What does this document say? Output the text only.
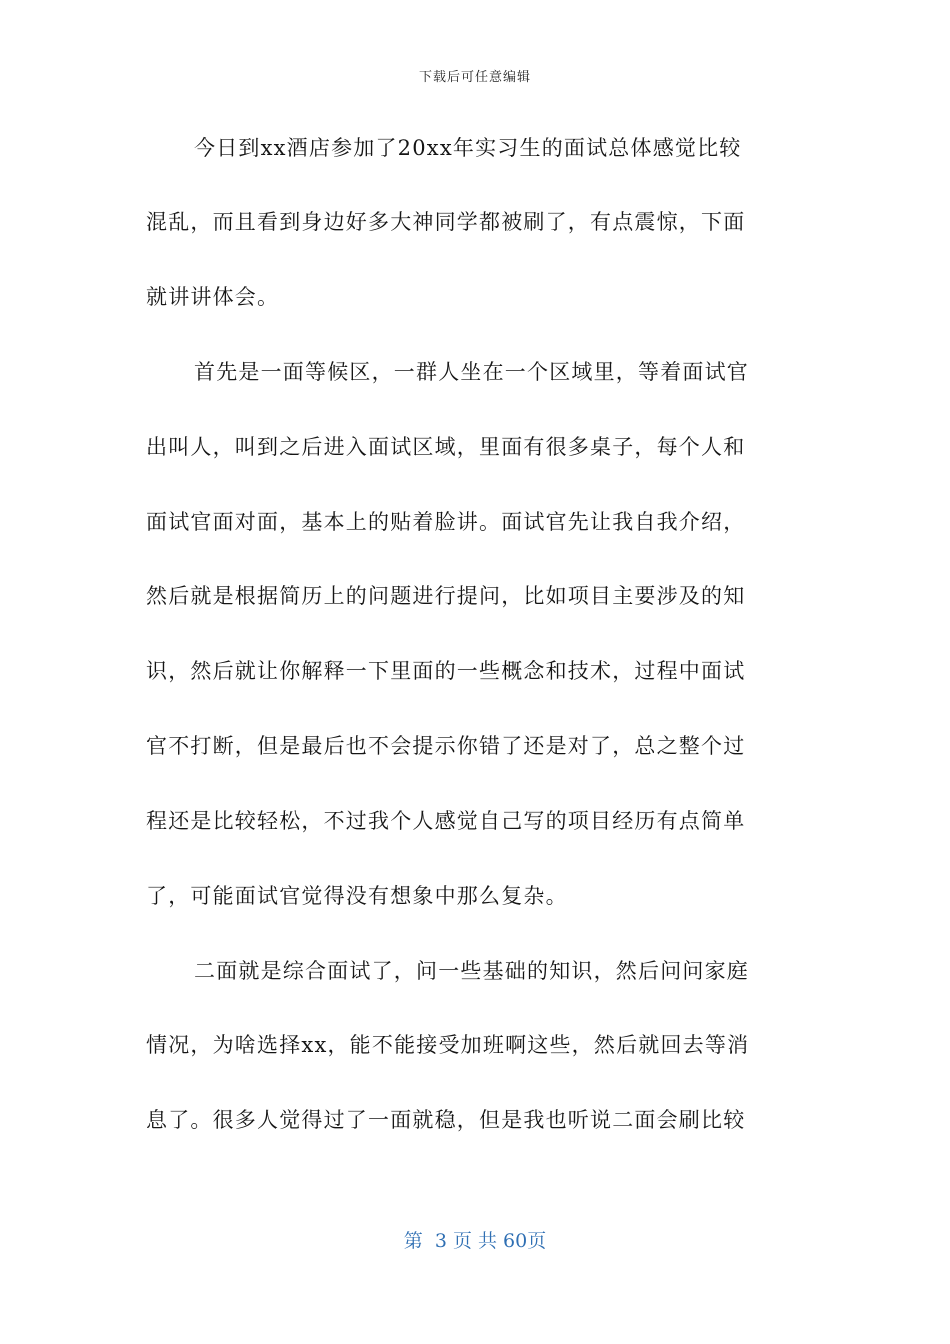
下载后可任意编辑
今日到xx酒店参加了20xx年实习生的面试总体感觉比较
混乱，而且看到身边好多大神同学都被刷了，有点震惊，下面
就讲讲体会。
首先是一面等候区，一群人坐在一个区域里，等着面试官
出叫人，叫到之后进入面试区域，里面有很多桌子，每个人和
面试官面对面，基本上的贴着脸讲。面试官先让我自我介绍，
然后就是根据简历上的问题进行提问，比如项目主要涉及的知
识，然后就让你解释一下里面的一些概念和技术，过程中面试
官不打断，但是最后也不会提示你错了还是对了，总之整个过
程还是比较轻松，不过我个人感觉自己写的项目经历有点简单
了，可能面试官觉得没有想象中那么复杂。
二面就是综合面试了，问一些基础的知识，然后问问家庭
情况，为啥选择xx，能不能接受加班啊这些，然后就回去等消
息了。很多人觉得过了一面就稳，但是我也听说二面会刷比较
第  3 页 共 60页
